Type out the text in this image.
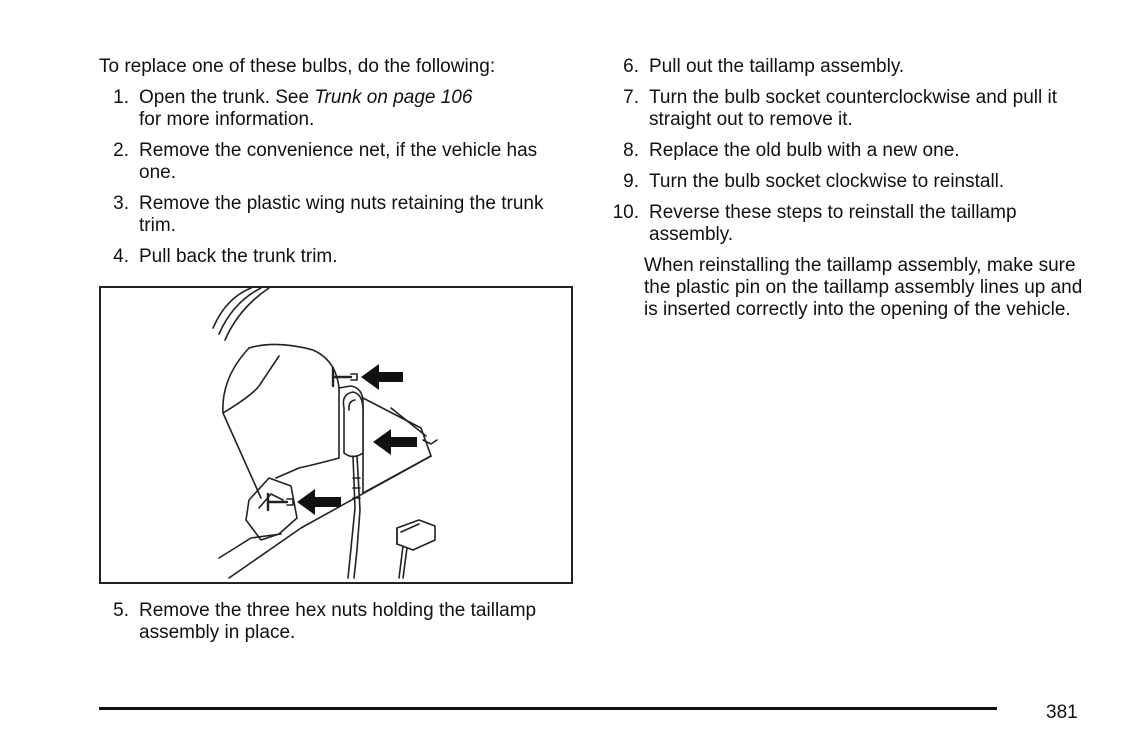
To replace one of these bulbs, do the following:

1. Open the trunk. See Trunk on page 106
for more information.
2. Remove the convenience net, if the vehicle has one.
3. Remove the plastic wing nuts retaining the trunk trim.
4. Pull back the trunk trim.
5. Remove the three hex nuts holding the taillamp assembly in place.
6. Pull out the taillamp assembly.
7. Turn the bulb socket counterclockwise and pull it straight out to remove it.
8. Replace the old bulb with a new one.
9. Turn the bulb socket clockwise to reinstall.
10. Reverse these steps to reinstall the taillamp assembly.

When reinstalling the taillamp assembly, make sure the plastic pin on the taillamp assembly lines up and is inserted correctly into the opening of the vehicle.

381
